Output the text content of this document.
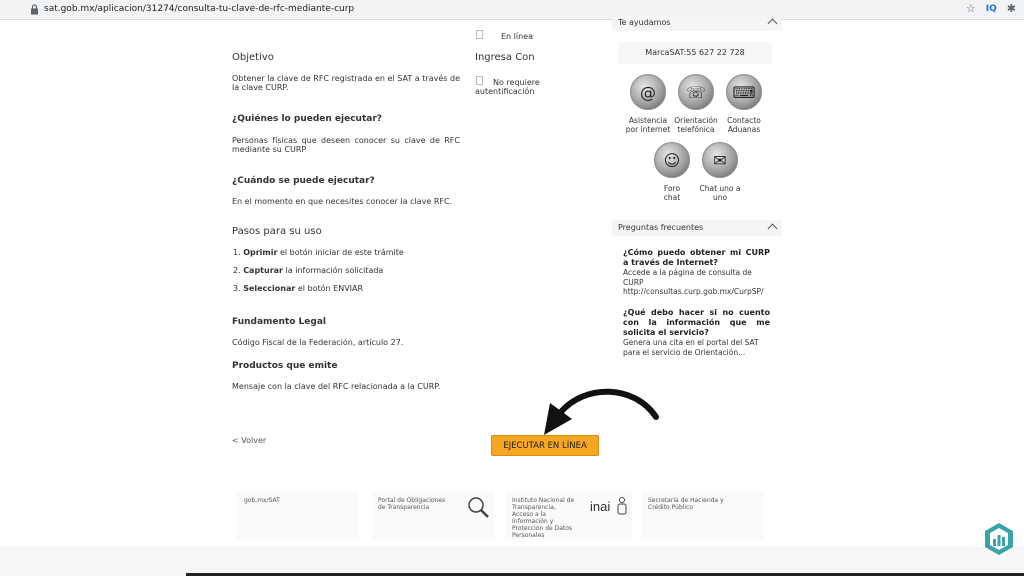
sat.gob.mx/aplicacion/31274/consulta-tu-clave-de-rfc-mediante-curp	☆ IQ ✱
Objetivo
Obtener la clave de RFC registrada en el SAT a través de la clave CURP.
¿Quiénes lo pueden ejecutar?
Personas físicas que deseen conocer su clave de RFC mediante su CURP
¿Cuándo se puede ejecutar?
En el momento en que necesites conocer la clave RFC.
Pasos para su uso
1. Oprimir el botón iniciar de este trámite
2. Capturar la información solicitada
3. Seleccionar el botón ENVIAR
Fundamento Legal
Código Fiscal de la Federación, artículo 27.
Productos que emite
Mensaje con la clave del RFC relacionada a la CURP.
En línea
Ingresa Con
No requiere
autentificación
Te ayudamos
MarcaSAT:55 627 22 728
@
Asistencia
por internet
☏
Orientación
telefónica
⌨
Contacto
Aduanas
☺
Foro
chat
✉
Chat uno a
uno
Preguntas frecuentes
¿Cómo puedo obtener mi CURP a través de Internet?
Accede a la página de consulta de CURP http://consultas.curp.gob.mx/CurpSP/
¿Qué debo hacer si no cuento con la información que me solicita el servicio?
Genera una cita en el portal del SAT para el servicio de Orientación...
< Volver
EJECUTAR EN LÍNEA
gob.mx/SAT	Portal de Obligaciones de Transparencia
Instituto Nacional de Transparencia, Acceso a la Información y Protección de Datos Personales
inai	Secretaría de Hacienda y Crédito Público
